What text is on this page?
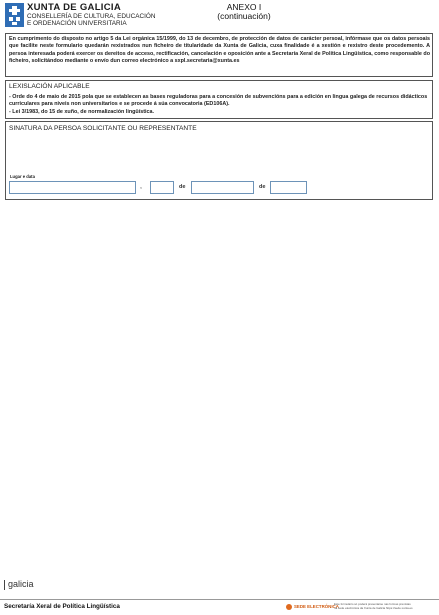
XUNTA DE GALICIA
CONSELLERÍA DE CULTURA, EDUCACIÓN
E ORDENACIÓN UNIVERSITARIA
ANEXO I
(continuación)
En cumprimento do disposto no artigo 5 da Lei orgánica 15/1999, do 13 de decembro, de protección de datos de carácter persoal, infórmase que os datos persoais que facilite neste formulario quedarán rexistrados nun ficheiro de titularidade da Xunta de Galicia, cuxa finalidade é a xestión e rexistro deste procedemento. A persoa interesada poderá exercer os dereitos de acceso, rectificación, cancelación e oposición ante a Secretaría Xeral de Política Lingüística, como responsable do ficheiro, solicitándoo mediante o envío dun correo electrónico a sxpl.secretaria@xunta.es
LEXISLACIÓN APLICABLE
- Orde do 4 de maio de 2015 pola que se establecen as bases reguladoras para a concesión de subvencións para a edición en lingua galega de recursos didácticos curriculares para niveis non universitarios e se procede á súa convocatoria (ED106A).
- Lei 3/1983, do 15 de xuño, de normalización lingüística.
SINATURA DA PERSOA SOLICITANTE OU REPRESENTANTE
Lugar e data
,	de	de
galicia
Secretaría Xeral de Política Lingüística	SEDE ELECTRÓNICA
Este formulario só poderá presentarse nas formas previstas
na sede electrónica da Xunta de Galicia https://sede.xunta.es
